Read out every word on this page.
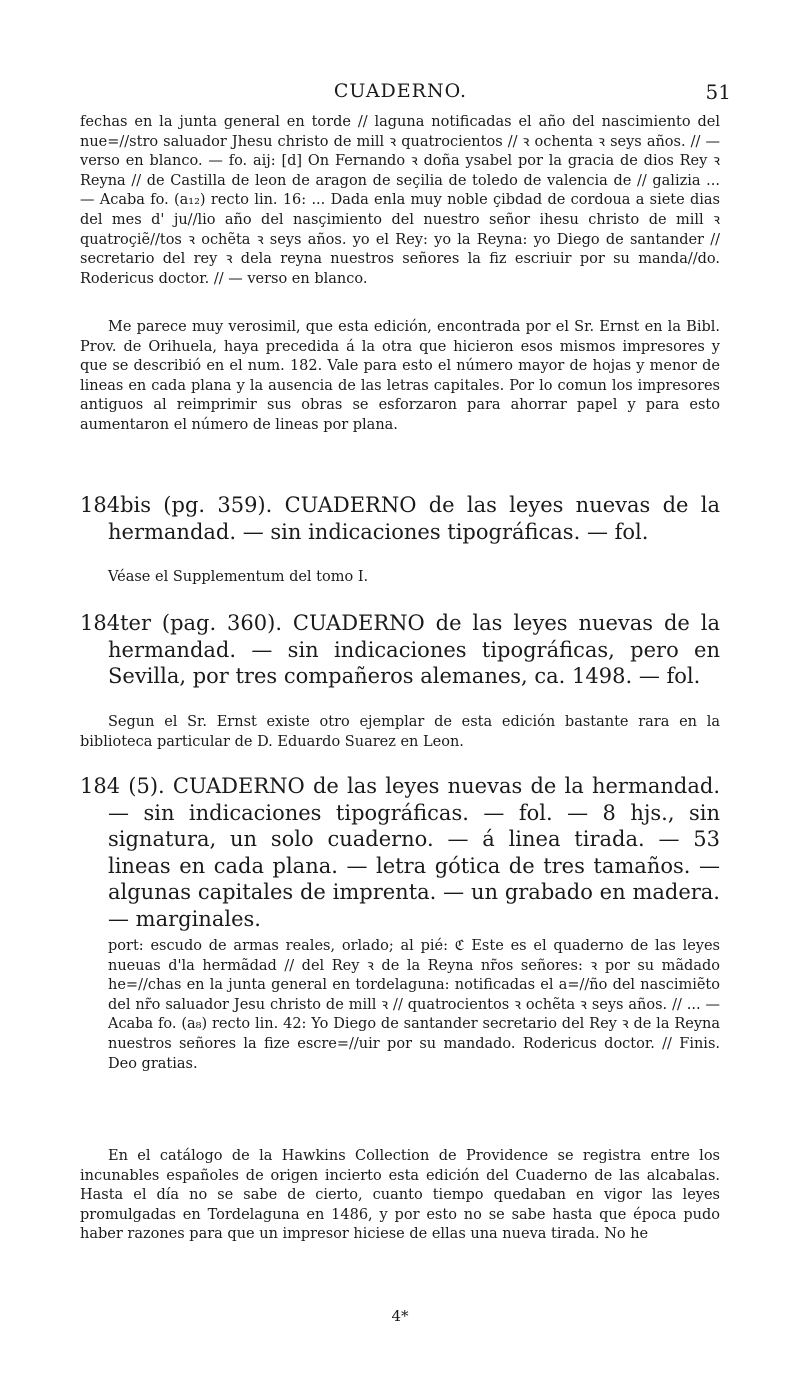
CUADERNO.	51

fechas en la junta general en torde // laguna notificadas el año del nascimiento del nue=//stro saluador Jhesu christo de mill ꝛ quatrocientos // ꝛ ochenta ꝛ seys años. // — verso en blanco. — fo. aij: [d] On Fernando ꝛ doña ysabel por la gracia de dios Rey ꝛ Reyna // de Castilla de leon de aragon de seçilia de toledo de valencia de // galizia ... — Acaba fo. (a₁₂) recto lin. 16: ... Dada enla muy noble çibdad de cordoua a siete dias del mes d' ju//lio año del nasçimiento del nuestro señor ihesu christo de mill ꝛ quatroçiẽ//tos ꝛ ochẽta ꝛ seys años. yo el Rey: yo la Reyna: yo Diego de santander // secretario del rey ꝛ dela reyna nuestros señores la fiz escriuir por su manda//do. Rodericus doctor. // — verso en blanco.

Me parece muy verosimil, que esta edición, encontrada por el Sr. Ernst en la Bibl. Prov. de Orihuela, haya precedida á la otra que hicieron esos mismos impresores y que se describió en el num. 182. Vale para esto el número mayor de hojas y menor de lineas en cada plana y la ausencia de las letras capitales. Por lo comun los impresores antiguos al reimprimir sus obras se esforzaron para ahorrar papel y para esto aumentaron el número de lineas por plana.

184bis (pg. 359). CUADERNO de las leyes nuevas de la hermandad. — sin indicaciones tipográficas. — fol.

Véase el Supplementum del tomo I.

184ter (pag. 360). CUADERNO de las leyes nuevas de la hermandad. — sin indicaciones tipográficas, pero en Sevilla, por tres compañeros alemanes, ca. 1498. — fol.

Segun el Sr. Ernst existe otro ejemplar de esta edición bastante rara en la biblioteca particular de D. Eduardo Suarez en Leon.

184 (5). CUADERNO de las leyes nuevas de la hermandad. — sin indicaciones tipográficas. — fol. — 8 hjs., sin signatura, un solo cuaderno. — á linea tirada. — 53 lineas en cada plana. — letra gótica de tres tamaños. — algunas capitales de imprenta. — un grabado en madera. — marginales.

port: escudo de armas reales, orlado; al pié: ℭ Este es el quaderno de las leyes nueuas d'la hermãdad // del Rey ꝛ de la Reyna nr̃os señores: ꝛ por su mãdado he=//chas en la junta general en tordelaguna: notificadas el a=//ño del nascimiẽto del nr̃o saluador Jesu christo de mill ꝛ // quatrocientos ꝛ ochẽta ꝛ seys años. // ... — Acaba fo. (a₈) recto lin. 42: Yo Diego de santander secretario del Rey ꝛ de la Reyna nuestros señores la fize escre=//uir por su mandado. Rodericus doctor. // Finis. Deo gratias.

En el catálogo de la Hawkins Collection de Providence se registra entre los incunables españoles de origen incierto esta edición del Cuaderno de las alcabalas. Hasta el día no se sabe de cierto, cuanto tiempo quedaban en vigor las leyes promulgadas en Tordelaguna en 1486, y por esto no se sabe hasta que época pudo haber razones para que un impresor hiciese de ellas una nueva tirada. No he

4*
